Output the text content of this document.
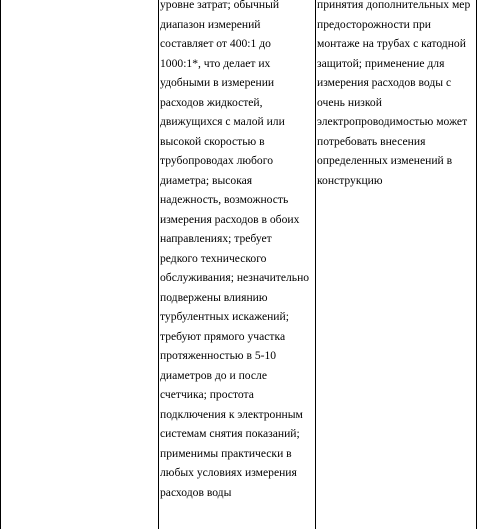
уровне затрат; обычный
диапазон измерений
составляет от 400:1 до
1000:1*, что делает их
удобными в измерении
расходов жидкостей,
движущихся с малой или
высокой скоростью в
трубопроводах любого
диаметра; высокая
надежность, возможность
измерения расходов в обоих
направлениях; требует
редкого технического
обслуживания; незначительно
подвержены влиянию
турбулентных искажений;
требуют прямого участка
протяженностью в 5-10
диаметров до и после
счетчика; простота
подключения к электронным
системам снятия показаний;
применимы практически в
любых условиях измерения
расходов воды
принятия дополнительных мер
предосторожности при
монтаже на трубах с катодной
защитой; применение для
измерения расходов воды с
очень низкой
электропроводимостью может
потребовать внесения
определенных изменений в
конструкцию
